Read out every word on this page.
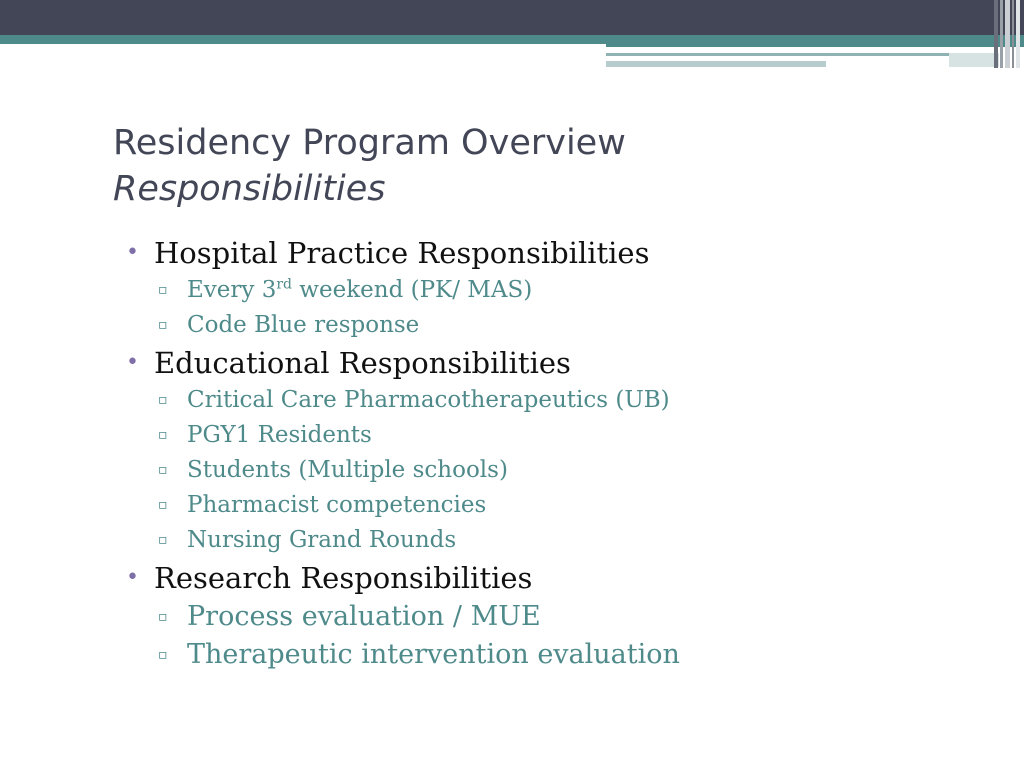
Residency Program Overview
Responsibilities
• Hospital Practice Responsibilities
▫ Every 3rd weekend (PK/ MAS)
▫ Code Blue response
• Educational Responsibilities
▫ Critical Care Pharmacotherapeutics (UB)
▫ PGY1 Residents
▫ Students (Multiple schools)
▫ Pharmacist competencies
▫ Nursing Grand Rounds
• Research Responsibilities
▫ Process evaluation / MUE
▫ Therapeutic intervention evaluation
